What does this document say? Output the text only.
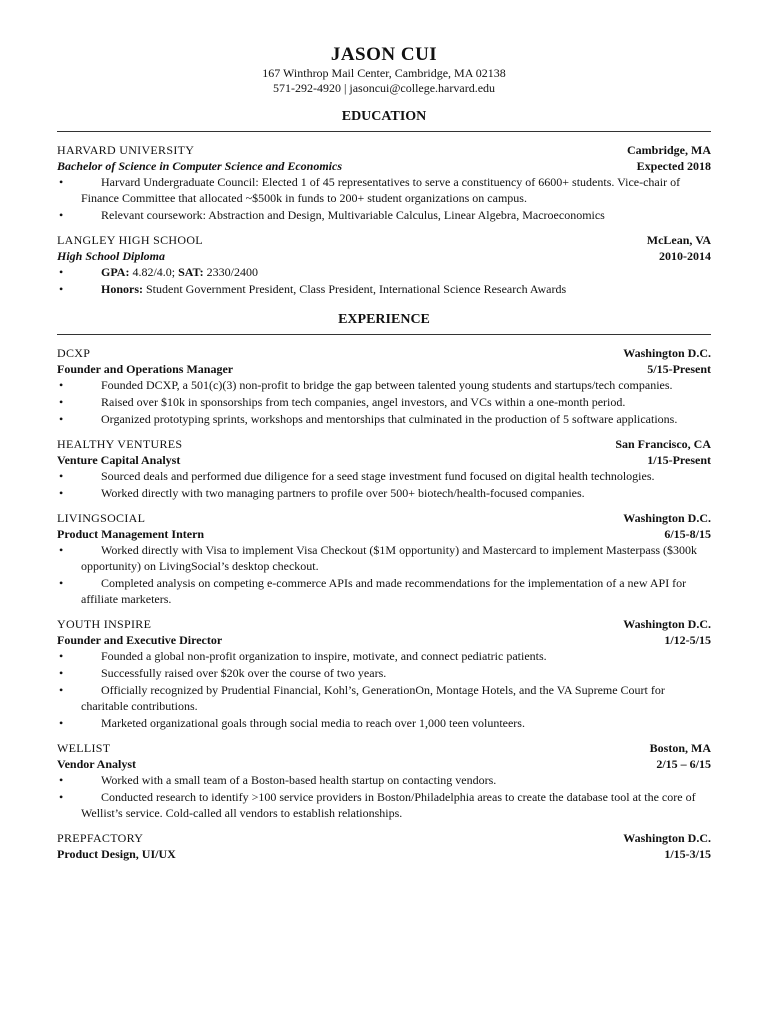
JASON CUI
167 Winthrop Mail Center, Cambridge, MA 02138
571-292-4920 | jasoncui@college.harvard.edu
EDUCATION
HARVARD UNIVERSITY	Cambridge, MA
Bachelor of Science in Computer Science and Economics	Expected 2018
•	Harvard Undergraduate Council: Elected 1 of 45 representatives to serve a constituency of 6600+ students. Vice-chair of Finance Committee that allocated ~$500k in funds to 200+ student organizations on campus.
•	Relevant coursework: Abstraction and Design, Multivariable Calculus, Linear Algebra, Macroeconomics
LANGLEY HIGH SCHOOL	McLean, VA
High School Diploma	2010-2014
•	GPA: 4.82/4.0; SAT: 2330/2400
•	Honors: Student Government President, Class President, International Science Research Awards
EXPERIENCE
DCXP	Washington D.C.
Founder and Operations Manager	5/15-Present
•	Founded DCXP, a 501(c)(3) non-profit to bridge the gap between talented young students and startups/tech companies.
•	Raised over $10k in sponsorships from tech companies, angel investors, and VCs within a one-month period.
•	Organized prototyping sprints, workshops and mentorships that culminated in the production of 5 software applications.
HEALTHY VENTURES	San Francisco, CA
Venture Capital Analyst	1/15-Present
•	Sourced deals and performed due diligence for a seed stage investment fund focused on digital health technologies.
•	Worked directly with two managing partners to profile over 500+ biotech/health-focused companies.
LIVINGSOCIAL	Washington D.C.
Product Management Intern	6/15-8/15
•	Worked directly with Visa to implement Visa Checkout ($1M opportunity) and Mastercard to implement Masterpass ($300k opportunity) on LivingSocial’s desktop checkout.
•	Completed analysis on competing e-commerce APIs and made recommendations for the implementation of a new API for affiliate marketers.
YOUTH INSPIRE	Washington D.C.
Founder and Executive Director	1/12-5/15
•	Founded a global non-profit organization to inspire, motivate, and connect pediatric patients.
•	Successfully raised over $20k over the course of two years.
•	Officially recognized by Prudential Financial, Kohl’s, GenerationOn, Montage Hotels, and the VA Supreme Court for charitable contributions.
•	Marketed organizational goals through social media to reach over 1,000 teen volunteers.
WELLIST	Boston, MA
Vendor Analyst	2/15 – 6/15
•	Worked with a small team of a Boston-based health startup on contacting vendors.
•	Conducted research to identify >100 service providers in Boston/Philadelphia areas to create the database tool at the core of Wellist’s service. Cold-called all vendors to establish relationships.
PREPFACTORY	Washington D.C.
Product Design, UI/UX	1/15-3/15
